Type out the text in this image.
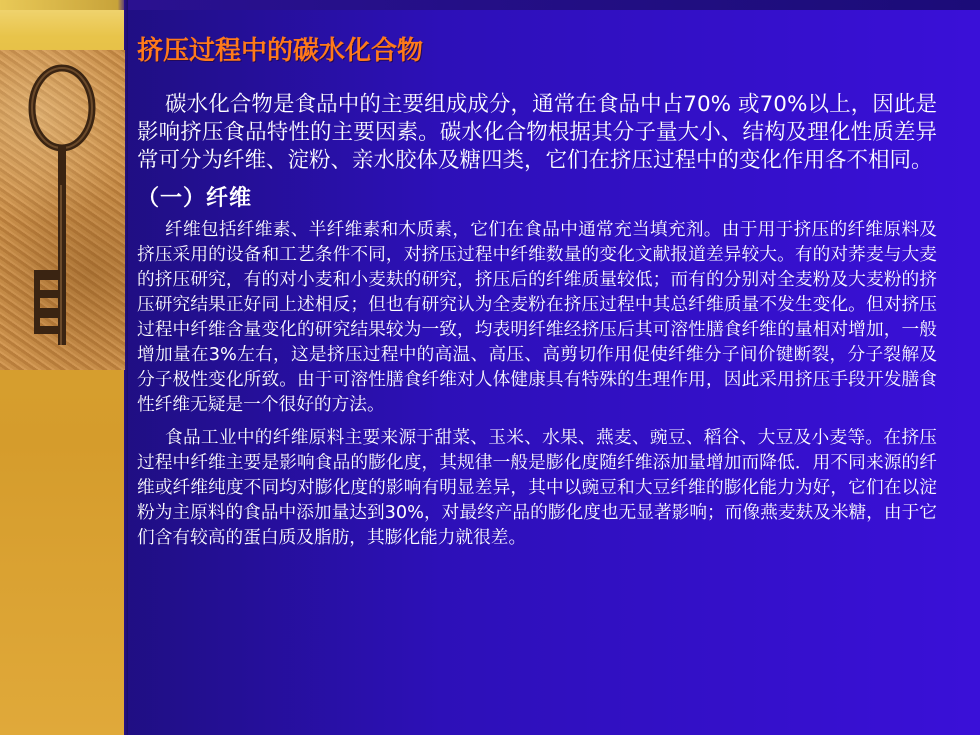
挤压过程中的碳水化合物

碳水化合物是食品中的主要组成成分，通常在食品中占70% 或70%以上，因此是影响挤压食品特性的主要因素。碳水化合物根据其分子量大小、结构及理化性质差异常可分为纤维、淀粉、亲水胶体及糖四类，它们在挤压过程中的变化作用各不相同。

（一）纤维

纤维包括纤维素、半纤维素和木质素，它们在食品中通常充当填充剂。由于用于挤压的纤维原料及挤压采用的设备和工艺条件不同，对挤压过程中纤维数量的变化文献报道差异较大。有的对荞麦与大麦的挤压研究，有的对小麦和小麦麸的研究，挤压后的纤维质量较低；而有的分别对全麦粉及大麦粉的挤压研究结果正好同上述相反；但也有研究认为全麦粉在挤压过程中其总纤维质量不发生变化。但对挤压过程中纤维含量变化的研究结果较为一致，均表明纤维经挤压后其可溶性膳食纤维的量相对增加，一般增加量在3%左右，这是挤压过程中的高温、高压、高剪切作用促使纤维分子间价键断裂，分子裂解及分子极性变化所致。由于可溶性膳食纤维对人体健康具有特殊的生理作用，因此采用挤压手段开发膳食性纤维无疑是一个很好的方法。

食品工业中的纤维原料主要来源于甜菜、玉米、水果、燕麦、豌豆、稻谷、大豆及小麦等。在挤压过程中纤维主要是影响食品的膨化度，其规律一般是膨化度随纤维添加量增加而降低．用不同来源的纤维或纤维纯度不同均对膨化度的影响有明显差异，其中以豌豆和大豆纤维的膨化能力为好，它们在以淀粉为主原料的食品中添加量达到30%，对最终产品的膨化度也无显著影响；而像燕麦麸及米糖，由于它们含有较高的蛋白质及脂肪，其膨化能力就很差。
